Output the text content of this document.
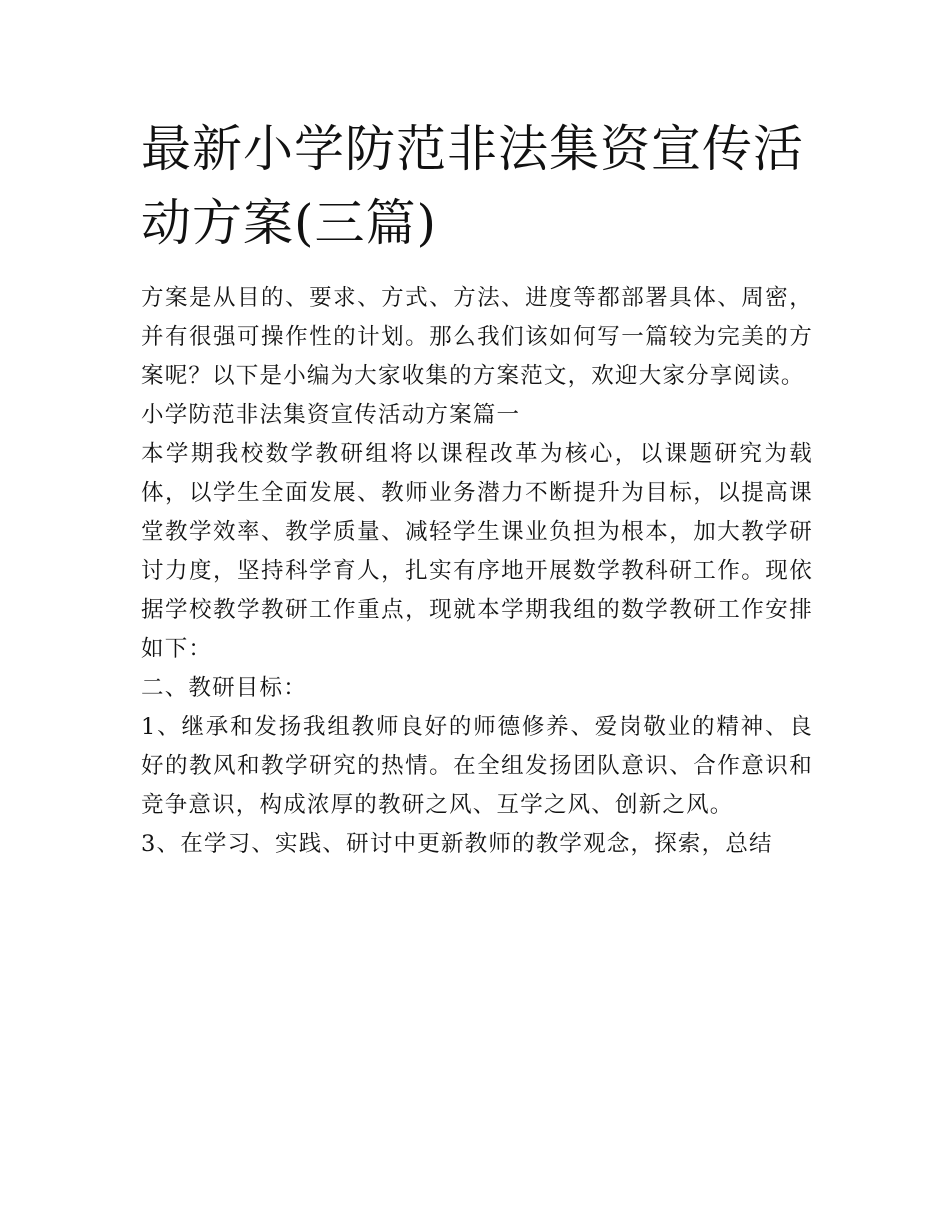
最新小学防范非法集资宣传活动方案(三篇)

方案是从目的、要求、方式、方法、进度等都部署具体、周密，并有很强可操作性的计划。那么我们该如何写一篇较为完美的方案呢？以下是小编为大家收集的方案范文，欢迎大家分享阅读。

小学防范非法集资宣传活动方案篇一

本学期我校数学教研组将以课程改革为核心，以课题研究为载体，以学生全面发展、教师业务潜力不断提升为目标，以提高课堂教学效率、教学质量、减轻学生课业负担为根本，加大教学研讨力度，坚持科学育人，扎实有序地开展数学教科研工作。现依据学校教学教研工作重点，现就本学期我组的数学教研工作安排如下：

二、教研目标：

1、继承和发扬我组教师良好的师德修养、爱岗敬业的精神、良好的教风和教学研究的热情。在全组发扬团队意识、合作意识和竞争意识，构成浓厚的教研之风、互学之风、创新之风。

3、在学习、实践、研讨中更新教师的教学观念，探索，总结
